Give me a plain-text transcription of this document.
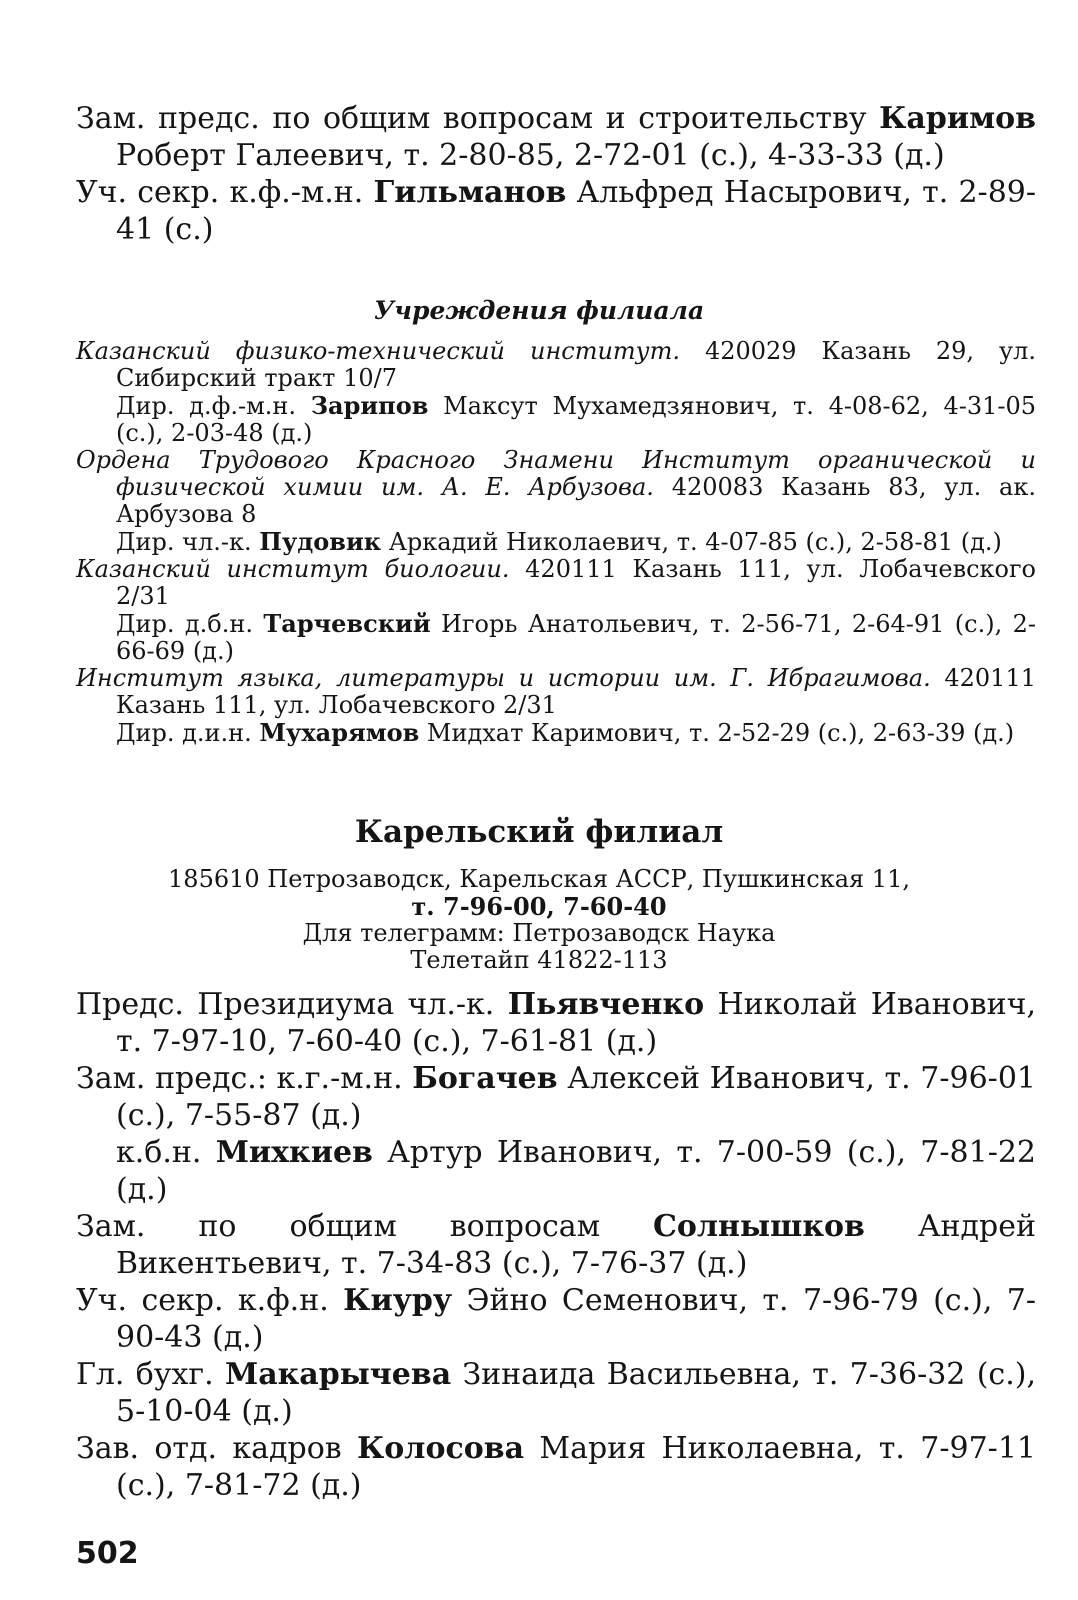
Зам. предс. по общим вопросам и строительству Каримов Роберт Галеевич, т. 2-80-85, 2-72-01 (с.), 4-33-33 (д.)

Уч. секр. к.ф.-м.н. Гильманов Альфред Насырович, т. 2-89-41 (с.)

Учреждения филиала

Казанский физико-технический институт. 420029 Казань 29, ул. Сибирский тракт 10/7

Дир. д.ф.-м.н. Зарипов Максут Мухамедзянович, т. 4-08-62, 4-31-05 (с.), 2-03-48 (д.)

Ордена Трудового Красного Знамени Институт органической и физической химии им. А. Е. Арбузова. 420083 Казань 83, ул. ак. Арбузова 8

Дир. чл.-к. Пудовик Аркадий Николаевич, т. 4-07-85 (с.), 2-58-81 (д.)

Казанский институт биологии. 420111 Казань 111, ул. Лобачевского 2/31

Дир. д.б.н. Тарчевский Игорь Анатольевич, т. 2-56-71, 2-64-91 (с.), 2-66-69 (д.)

Институт языка, литературы и истории им. Г. Ибрагимова. 420111 Казань 111, ул. Лобачевского 2/31

Дир. д.и.н. Мухарямов Мидхат Каримович, т. 2-52-29 (с.), 2-63-39 (д.)

Карельский филиал

185610 Петрозаводск, Карельская АССР, Пушкинская 11,

т. 7-96-00, 7-60-40

Для телеграмм: Петрозаводск Наука

Телетайп 41822-113

Предс. Президиума чл.-к. Пьявченко Николай Иванович, т. 7-97-10, 7-60-40 (с.), 7-61-81 (д.)

Зам. предс.: к.г.-м.н. Богачев Алексей Иванович, т. 7-96-01 (с.), 7-55-87 (д.)

к.б.н. Михкиев Артур Иванович, т. 7-00-59 (с.), 7-81-22 (д.)

Зам. по общим вопросам Солнышков Андрей Викентьевич, т. 7-34-83 (с.), 7-76-37 (д.)

Уч. секр. к.ф.н. Киуру Эйно Семенович, т. 7-96-79 (с.), 7-90-43 (д.)

Гл. бухг. Макарычева Зинаида Васильевна, т. 7-36-32 (с.), 5-10-04 (д.)

Зав. отд. кадров Колосова Мария Николаевна, т. 7-97-11 (с.), 7-81-72 (д.)

502
